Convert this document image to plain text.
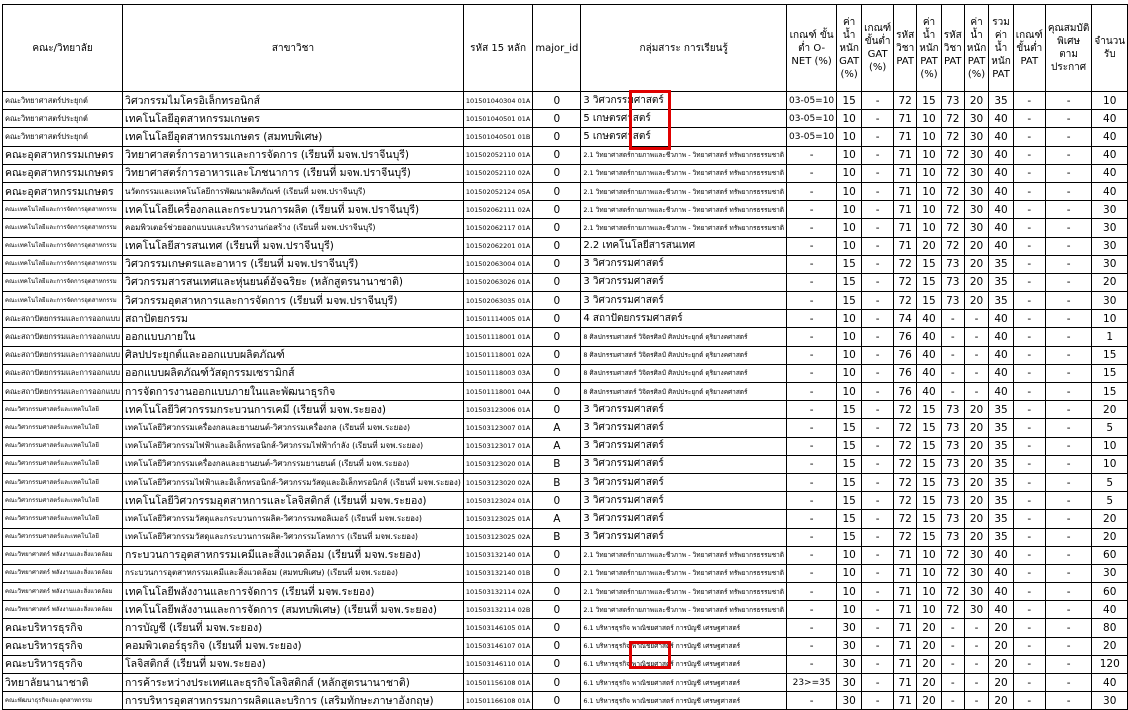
คณะ/วิทยาลัย	สาขาวิชา	รหัส 15 หลัก	major_id	กลุ่มสาระ การเรียนรู้	เกณฑ์ ขั้นต่ำ O-NET (%)	ค่า น้ำหนัก GAT (%)	เกณฑ์ ขั้นต่ำ GAT (%)	รหัสวิชา PAT	ค่า น้ำหนัก PAT (%)	รหัสวิชา PAT	ค่า น้ำหนัก PAT (%)	รวมค่า น้ำหนัก PAT	เกณฑ์ ขั้นต่ำ PAT	คุณสมบัติ พิเศษ ตาม ประกาศ	จำนวน รับ
คณะวิทยาศาสตร์ประยุกต์	วิศวกรรมไมโครอิเล็กทรอนิกส์	101501040304 01A	0	3 วิศวกรรมศาสตร์	03-05=10	15	-	72	15	73	20	35	-	-	10
คณะวิทยาศาสตร์ประยุกต์	เทคโนโลยีอุตสาหกรรมเกษตร	101501040501 01A	0	5 เกษตรศาสตร์	03-05=10	10	-	71	10	72	30	40	-	-	40
คณะวิทยาศาสตร์ประยุกต์	เทคโนโลยีอุตสาหกรรมเกษตร (สมทบพิเศษ)	101501040501 01B	0	5 เกษตรศาสตร์	03-05=10	10	-	71	10	72	30	40	-	-	40
คณะอุตสาหกรรมเกษตร	วิทยาศาสตร์การอาหารและการจัดการ (เรียนที่ มจพ.ปราจีนบุรี)	101502052110 01A	0	2.1 วิทยาศาสตร์กายภาพและชีวภาพ - วิทยาศาสตร์ ทรัพยากรธรรมชาติ	-	10	-	71	10	72	30	40	-	-	40
คณะอุตสาหกรรมเกษตร	วิทยาศาสตร์การอาหารและโภชนาการ (เรียนที่ มจพ.ปราจีนบุรี)	101502052110 02A	0	2.1 วิทยาศาสตร์กายภาพและชีวภาพ - วิทยาศาสตร์ ทรัพยากรธรรมชาติ	-	10	-	71	10	72	30	40	-	-	40
คณะอุตสาหกรรมเกษตร	นวัตกรรมและเทคโนโลยีการพัฒนาผลิตภัณฑ์ (เรียนที่ มจพ.ปราจีนบุรี)	101502052124 05A	0	2.1 วิทยาศาสตร์กายภาพและชีวภาพ - วิทยาศาสตร์ ทรัพยากรธรรมชาติ	-	10	-	71	10	72	30	40	-	-	40
คณะเทคโนโลยีและการจัดการอุตสาหกรรม	เทคโนโลยีเครื่องกลและกระบวนการผลิต (เรียนที่ มจพ.ปราจีนบุรี)	101502062111 02A	0	2.1 วิทยาศาสตร์กายภาพและชีวภาพ - วิทยาศาสตร์ ทรัพยากรธรรมชาติ	-	10	-	71	10	72	30	40	-	-	30
คณะเทคโนโลยีและการจัดการอุตสาหกรรม	คอมพิวเตอร์ช่วยออกแบบและบริหารงานก่อสร้าง (เรียนที่ มจพ.ปราจีนบุรี)	101502062117 01A	0	2.1 วิทยาศาสตร์กายภาพและชีวภาพ - วิทยาศาสตร์ ทรัพยากรธรรมชาติ	-	10	-	71	10	72	30	40	-	-	30
คณะเทคโนโลยีและการจัดการอุตสาหกรรม	เทคโนโลยีสารสนเทศ (เรียนที่ มจพ.ปราจีนบุรี)	101502062201 01A	0	2.2 เทคโนโลยีสารสนเทศ	-	10	-	71	20	72	20	40	-	-	30
คณะเทคโนโลยีและการจัดการอุตสาหกรรม	วิศวกรรมเกษตรและอาหาร (เรียนที่ มจพ.ปราจีนบุรี)	101502063004 01A	0	3 วิศวกรรมศาสตร์	-	15	-	72	15	73	20	35	-	-	30
คณะเทคโนโลยีและการจัดการอุตสาหกรรม	วิศวกรรมสารสนเทศและหุ่นยนต์อัจฉริยะ (หลักสูตรนานาชาติ)	101502063026 01A	0	3 วิศวกรรมศาสตร์	-	15	-	72	15	73	20	35	-	-	20
คณะเทคโนโลยีและการจัดการอุตสาหกรรม	วิศวกรรมอุตสาหการและการจัดการ (เรียนที่ มจพ.ปราจีนบุรี)	101502063035 01A	0	3 วิศวกรรมศาสตร์	-	15	-	72	15	73	20	35	-	-	30
คณะสถาปัตยกรรมและการออกแบบ	สถาปัตยกรรม	101501114005 01A	0	4 สถาปัตยกรรมศาสตร์	-	10	-	74	40	-	-	40	-	-	10
คณะสถาปัตยกรรมและการออกแบบ	ออกแบบภายใน	101501118001 01A	0	8 ศิลปกรรมศาสตร์ วิจิตรศิลป์ ศิลปประยุกต์ ดุริยางคศาสตร์	-	10	-	76	40	-	-	40	-	-	1
คณะสถาปัตยกรรมและการออกแบบ	ศิลปประยุกต์และออกแบบผลิตภัณฑ์	101501118001 02A	0	8 ศิลปกรรมศาสตร์ วิจิตรศิลป์ ศิลปประยุกต์ ดุริยางคศาสตร์	-	10	-	76	40	-	-	40	-	-	15
คณะสถาปัตยกรรมและการออกแบบ	ออกแบบผลิตภัณฑ์วัสดุกรรมเซรามิกส์	101501118003 03A	0	8 ศิลปกรรมศาสตร์ วิจิตรศิลป์ ศิลปประยุกต์ ดุริยางคศาสตร์	-	10	-	76	40	-	-	40	-	-	15
คณะสถาปัตยกรรมและการออกแบบ	การจัดการงานออกแบบภายในและพัฒนาธุรกิจ	101501118001 04A	0	8 ศิลปกรรมศาสตร์ วิจิตรศิลป์ ศิลปประยุกต์ ดุริยางคศาสตร์	-	10	-	76	40	-	-	40	-	-	15
คณะวิศวกรรมศาสตร์และเทคโนโลยี	เทคโนโลยีวิศวกรรมกระบวนการเคมี (เรียนที่ มจพ.ระยอง)	101503123006 01A	0	3 วิศวกรรมศาสตร์	-	15	-	72	15	73	20	35	-	-	20
คณะวิศวกรรมศาสตร์และเทคโนโลยี	เทคโนโลยีวิศวกรรมเครื่องกลและยานยนต์-วิศวกรรมเครื่องกล (เรียนที่ มจพ.ระยอง)	101503123007 01A	A	3 วิศวกรรมศาสตร์	-	15	-	72	15	73	20	35	-	-	5
คณะวิศวกรรมศาสตร์และเทคโนโลยี	เทคโนโลยีวิศวกรรมไฟฟ้าและอิเล็กทรอนิกส์-วิศวกรรมไฟฟ้ากำลัง (เรียนที่ มจพ.ระยอง)	101503123017 01A	A	3 วิศวกรรมศาสตร์	-	15	-	72	15	73	20	35	-	-	10
คณะวิศวกรรมศาสตร์และเทคโนโลยี	เทคโนโลยีวิศวกรรมเครื่องกลและยานยนต์-วิศวกรรมยานยนต์ (เรียนที่ มจพ.ระยอง)	101503123020 01A	B	3 วิศวกรรมศาสตร์	-	15	-	72	15	73	20	35	-	-	10
คณะวิศวกรรมศาสตร์และเทคโนโลยี	เทคโนโลยีวิศวกรรมไฟฟ้าและอิเล็กทรอนิกส์-วิศวกรรมวัสดุและอิเล็กทรอนิกส์ (เรียนที่ มจพ.ระยอง)	101503123020 02A	B	3 วิศวกรรมศาสตร์	-	15	-	72	15	73	20	35	-	-	5
คณะวิศวกรรมศาสตร์และเทคโนโลยี	เทคโนโลยีวิศวกรรมอุตสาหการและโลจิสติกส์ (เรียนที่ มจพ.ระยอง)	101503123024 01A	0	3 วิศวกรรมศาสตร์	-	15	-	72	15	73	20	35	-	-	5
คณะวิศวกรรมศาสตร์และเทคโนโลยี	เทคโนโลยีวิศวกรรมวัสดุและกระบวนการผลิต-วิศวกรรมพอลิเมอร์ (เรียนที่ มจพ.ระยอง)	101503123025 01A	A	3 วิศวกรรมศาสตร์	-	15	-	72	15	73	20	35	-	-	20
คณะวิศวกรรมศาสตร์และเทคโนโลยี	เทคโนโลยีวิศวกรรมวัสดุและกระบวนการผลิต-วิศวกรรมโลหการ (เรียนที่ มจพ.ระยอง)	101503123025 02A	B	3 วิศวกรรมศาสตร์	-	15	-	72	15	73	20	35	-	-	20
คณะวิทยาศาสตร์ พลังงานและสิ่งแวดล้อม	กระบวนการอุตสาหกรรมเคมีและสิ่งแวดล้อม (เรียนที่ มจพ.ระยอง)	101503132140 01A	0	2.1 วิทยาศาสตร์กายภาพและชีวภาพ - วิทยาศาสตร์ ทรัพยากรธรรมชาติ	-	10	-	71	10	72	30	40	-	-	60
คณะวิทยาศาสตร์ พลังงานและสิ่งแวดล้อม	กระบวนการอุตสาหกรรมเคมีและสิ่งแวดล้อม (สมทบพิเศษ) (เรียนที่ มจพ.ระยอง)	101503132140 01B	0	2.1 วิทยาศาสตร์กายภาพและชีวภาพ - วิทยาศาสตร์ ทรัพยากรธรรมชาติ	-	10	-	71	10	72	30	40	-	-	30
คณะวิทยาศาสตร์ พลังงานและสิ่งแวดล้อม	เทคโนโลยีพลังงานและการจัดการ (เรียนที่ มจพ.ระยอง)	101503132114 02A	0	2.1 วิทยาศาสตร์กายภาพและชีวภาพ - วิทยาศาสตร์ ทรัพยากรธรรมชาติ	-	10	-	71	10	72	30	40	-	-	60
คณะวิทยาศาสตร์ พลังงานและสิ่งแวดล้อม	เทคโนโลยีพลังงานและการจัดการ (สมทบพิเศษ) (เรียนที่ มจพ.ระยอง)	101503132114 02B	0	2.1 วิทยาศาสตร์กายภาพและชีวภาพ - วิทยาศาสตร์ ทรัพยากรธรรมชาติ	-	10	-	71	10	72	30	40	-	-	40
คณะบริหารธุรกิจ	การบัญชี (เรียนที่ มจพ.ระยอง)	101503146105 01A	0	6.1 บริหารธุรกิจ พาณิชยศาสตร์ การบัญชี เศรษฐศาสตร์	-	30	-	71	20	-	-	20	-	-	80
คณะบริหารธุรกิจ	คอมพิวเตอร์ธุรกิจ (เรียนที่ มจพ.ระยอง)	101503146107 01A	0	6.1 บริหารธุรกิจ พาณิชยศาสตร์ การบัญชี เศรษฐศาสตร์	-	30	-	71	20	-	-	20	-	-	20
คณะบริหารธุรกิจ	โลจิสติกส์ (เรียนที่ มจพ.ระยอง)	101503146110 01A	0	6.1 บริหารธุรกิจ พาณิชยศาสตร์ การบัญชี เศรษฐศาสตร์	-	30	-	71	20	-	-	20	-	-	120
วิทยาลัยนานาชาติ	การค้าระหว่างประเทศและธุรกิจโลจิสติกส์ (หลักสูตรนานาชาติ)	101501156108 01A	0	6.1 บริหารธุรกิจ พาณิชยศาสตร์ การบัญชี เศรษฐศาสตร์	23>=35	30	-	71	20	-	-	20	-	-	40
คณะพัฒนาธุรกิจและอุตสาหกรรม	การบริหารอุตสาหกรรมการผลิตและบริการ (เสริมทักษะภาษาอังกฤษ)	101501166108 01A	0	6.1 บริหารธุรกิจ พาณิชยศาสตร์ การบัญชี เศรษฐศาสตร์	-	30	-	71	20	-	-	20	-	-	30
